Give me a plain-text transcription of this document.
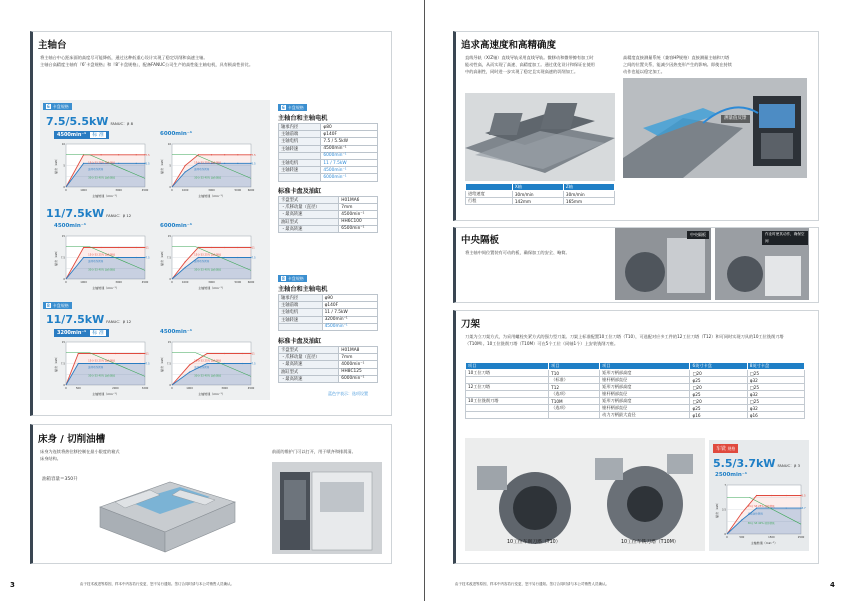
主轴台
将主轴台中心距床面的高度尽可能降低，通过这种低重心设计实现了稳定切削和高速主轴。
主轴台高精度主轴有『6″卡盘规格』和『8″卡盘规格』，配备FANUC公司生产的高性能主轴电机，具有极高性价比。
6 卡盘规格
7.5/5.5kW FANUC：β 8
4500min⁻¹ 标 准	6000min⁻¹
0	1000	3000	4500
0
5
10
7.5
5.5
主轴转速（min⁻¹）
输出（kW）	15分 S3 25% 动作领域
连续动作领域
30分 S3 40% 动作领域
0	1000	3000	5000	6000
0
5
10
7.5
5.5
主轴转速（min⁻¹）
输出（kW）	15分 S3 25% 动作领域
连续动作领域
30分 S3 40% 动作领域
11/7.5kW FANUC：β 12
4500min⁻¹	6000min⁻¹
0	1000	3000	4500
0
7.5
15
11
7.5
主轴转速（min⁻¹）
输出（kW）	15分 S3 25% 动作领域
连续动作领域
30分 S3 40% 动作领域
0	1000	3000	5000	6000
0
7.5
15
11
7.5
主轴转速（min⁻¹）
输出（kW）	15分 S3 25% 动作领域
连续动作领域
30分 S3 40% 动作领域
8 卡盘规格
11/7.5kW FANUC：β 12
3200min⁻¹ 标 准	4500min⁻¹
0	500	2000	3200
0
7.5
15
11
7.5
主轴转速（min⁻¹）
输出（kW）	15分 S3 25% 动作领域
连续动作领域
30分 S3 40% 动作领域
0	1000	3000	4500
0
7.5
15
11
7.5
主轴转速（min⁻¹）
输出（kW）	15分 S3 25% 动作领域
连续动作领域
30分 S3 40% 动作领域
6 卡盘规格
主轴台和主轴电机
轴承内径	φ80
主轴前端	φ140F
主轴电机	7.5 / 5.5kW
主轴转速	4500min⁻¹
	6000min⁻¹
主轴电机	11 / 7.5kW
主轴转速	4500min⁻¹
	6000min⁻¹
标准卡盘及油缸
卡盘型式	H01MA6
・爪移动量（直径）	7mm
・最高转速	4500min⁻¹
油缸型式	HH6C100
・最高转速	6500min⁻¹
8 卡盘规格
主轴台和主轴电机
轴承内径	φ90
主轴前端	φ140F
主轴电机	11 / 7.5kW
主轴转速	3200min⁻¹
	4500min⁻¹
标准卡盘及油缸
卡盘型式	H01MA8
・爪移动量（直径）	7mm
・最高转速	4000min⁻¹
油缸型式	HH8C125
・最高转速	6000min⁻¹
蓝色字表示：选项设置
床身 / 切削油槽
床身为连续将热往移控制在最小限度的箱式床身结构。
油箱容量＝350升
前面的维护门可以打开，用于喷齐和排屑清。
由于技术改进等原因，样本中内容若行变更，恕不另行通知。签订合同时请与本公司销售人员确认。
3
追求高速度和高精确度
直线导轨（X/Z轴）直线导轨采用直线导轨。微移动和微带擦有加工时能动性高，从而实现了高速、高精度加工。通过优化设计和保证在使用中的高刚性，同时进一步实现了稳定且实现高速的切削加工。
高精度直接测量系统（兼容HP规格）直接测量主轴和刀塔之间的位置关系，能减少因热变形产生的影响。即使在持续动作也能以稳定加工。
测量值反馈
	X轴	Z轴
进给速度	30m/min	30m/min
行程	142mm	165mm
中央隔板
将主轴中间位置装有可动的板，确保加工的安全、略简。
中央隔板	作业时使其动作，确保空间
刀架
刀架为立刀架方式，为采用螺栓夹紧方式的强力型刀架。刀架上标准配置10工位刀塔（T10），可选配对应多工件的12工位刀塔（T12）和可同时实现刀具的10工位铣削刀塔（T10M）。10工位铣削刀塔（T10M）可在5个工位（同轴1个）上安装铣削刀座。
项目	项目	项目	6英寸卡盘	8英寸卡盘
10工位刀塔	T10	矩形刀柄部高度	□20	□25
	（标准）	镗杆柄部直径	φ25	φ32
12工位刀塔	T12	矩形刀柄部高度	□20	□25
	（选项）	镗杆柄部直径	φ25	φ32
10工位铣削刀塔	T10M	矩形刀柄部高度	□20	□25
	（选项）	镗杆柄部直径	φ25	φ32
		动力刀柄最大直径	φ16	φ16
10工位车削刀塔（T10）	10工位车铣刀塔（T10M）
车铣 规格
5.5/3.7kW FANUC：β 3
2500min⁻¹
0	500	1500	2500
0
3.5
7
5.5
3.7
主轴转速（min⁻¹）
输出（kW）	15分 S3 25% 动作领域
连续动作领域
30分 S3 40% 动作领域
由于技术改进等原因，样本中内容若行变更，恕不另行通知。签订合同时请与本公司销售人员确认。	4
